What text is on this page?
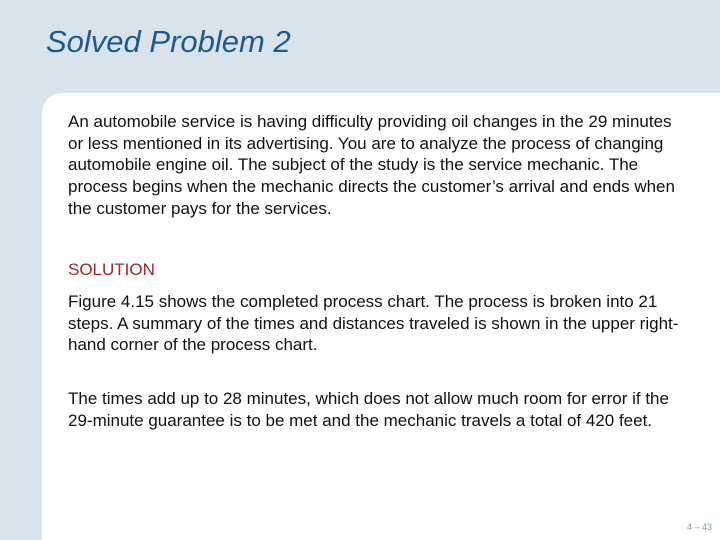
Solved Problem 2

An automobile service is having difficulty providing oil changes in the 29 minutes or less mentioned in its advertising. You are to analyze the process of changing automobile engine oil. The subject of the study is the service mechanic. The process begins when the mechanic directs the customer’s arrival and ends when the customer pays for the services.

SOLUTION

Figure 4.15 shows the completed process chart. The process is broken into 21 steps. A summary of the times and distances traveled is shown in the upper right-hand corner of the process chart.

The times add up to 28 minutes, which does not allow much room for error if the 29-minute guarantee is to be met and the mechanic travels a total of 420 feet.

4 – 43
